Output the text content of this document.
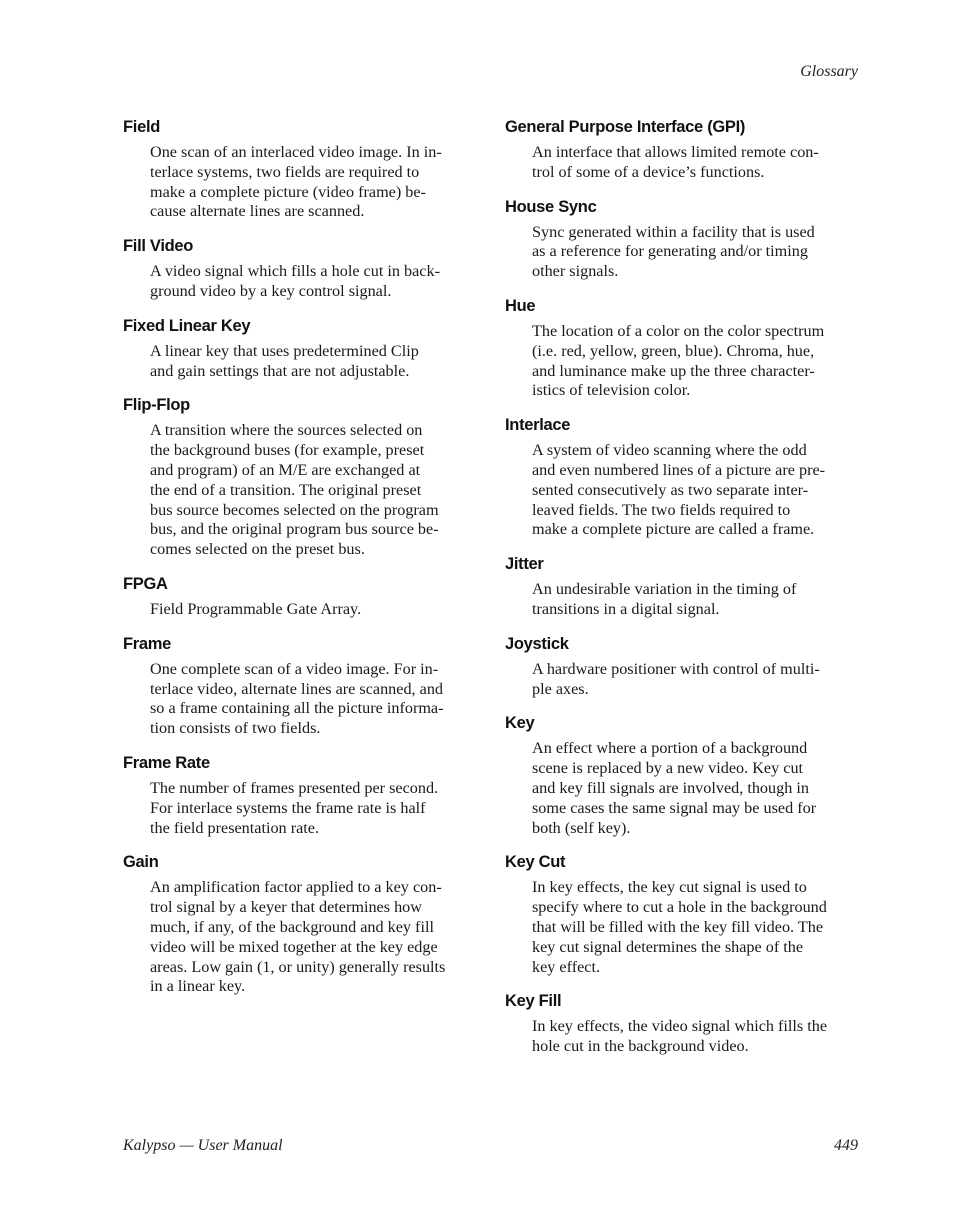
Glossary
Field
One scan of an interlaced video image. In in-
terlace systems, two fields are required to
make a complete picture (video frame) be-
cause alternate lines are scanned.
Fill Video
A video signal which fills a hole cut in back-
ground video by a key control signal.
Fixed Linear Key
A linear key that uses predetermined Clip
and gain settings that are not adjustable.
Flip-Flop
A transition where the sources selected on
the background buses (for example, preset
and program) of an M/E are exchanged at
the end of a transition. The original preset
bus source becomes selected on the program
bus, and the original program bus source be-
comes selected on the preset bus.
FPGA
Field Programmable Gate Array.
Frame
One complete scan of a video image. For in-
terlace video, alternate lines are scanned, and
so a frame containing all the picture informa-
tion consists of two fields.
Frame Rate
The number of frames presented per second.
For interlace systems the frame rate is half
the field presentation rate.
Gain
An amplification factor applied to a key con-
trol signal by a keyer that determines how
much, if any, of the background and key fill
video will be mixed together at the key edge
areas. Low gain (1, or unity) generally results
in a linear key.
General Purpose Interface (GPI)
An interface that allows limited remote con-
trol of some of a device’s functions.
House Sync
Sync generated within a facility that is used
as a reference for generating and/or timing
other signals.
Hue
The location of a color on the color spectrum
(i.e. red, yellow, green, blue). Chroma, hue,
and luminance make up the three character-
istics of television color.
Interlace
A system of video scanning where the odd
and even numbered lines of a picture are pre-
sented consecutively as two separate inter-
leaved fields. The two fields required to
make a complete picture are called a frame.
Jitter
An undesirable variation in the timing of
transitions in a digital signal.
Joystick
A hardware positioner with control of multi-
ple axes.
Key
An effect where a portion of a background
scene is replaced by a new video. Key cut
and key fill signals are involved, though in
some cases the same signal may be used for
both (self key).
Key Cut
In key effects, the key cut signal is used to
specify where to cut a hole in the background
that will be filled with the key fill video. The
key cut signal determines the shape of the
key effect.
Key Fill
In key effects, the video signal which fills the
hole cut in the background video.
Kalypso — User Manual	449
